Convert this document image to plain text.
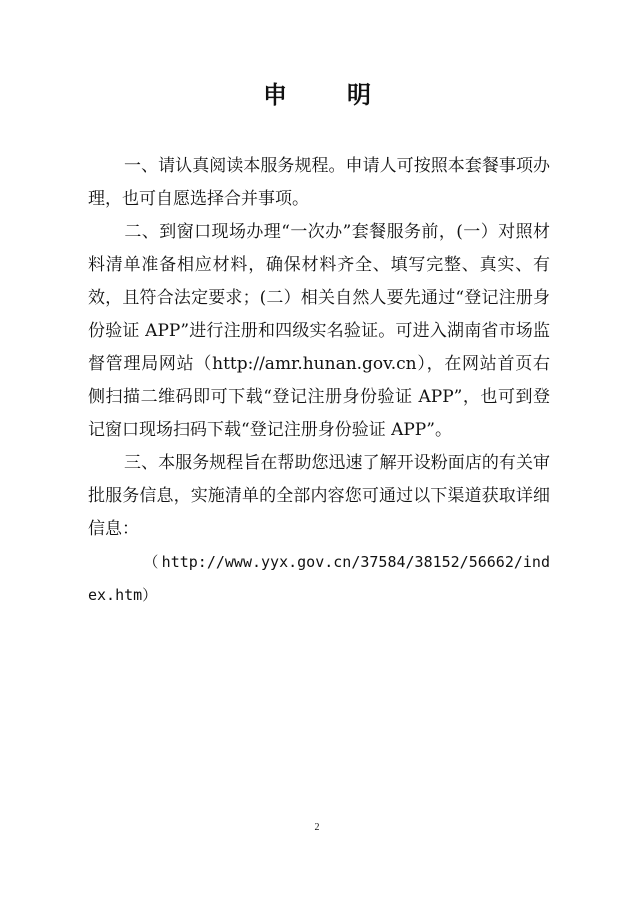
申　明

一、请认真阅读本服务规程。申请人可按照本套餐事项办理，也可自愿选择合并事项。

二、到窗口现场办理“一次办”套餐服务前，(一）对照材料清单准备相应材料，确保材料齐全、填写完整、真实、有效，且符合法定要求；(二）相关自然人要先通过“登记注册身份验证 APP”进行注册和四级实名验证。可进入湖南省市场监督管理局网站（http://amr.hunan.gov.cn），在网站首页右侧扫描二维码即可下载“登记注册身份验证 APP”，也可到登记窗口现场扫码下载“登记注册身份验证 APP”。

三、本服务规程旨在帮助您迅速了解开设粉面店的有关审批服务信息，实施清单的全部内容您可通过以下渠道获取详细信息：

（http://www.yyx.gov.cn/37584/38152/56662/index.htm）

2
